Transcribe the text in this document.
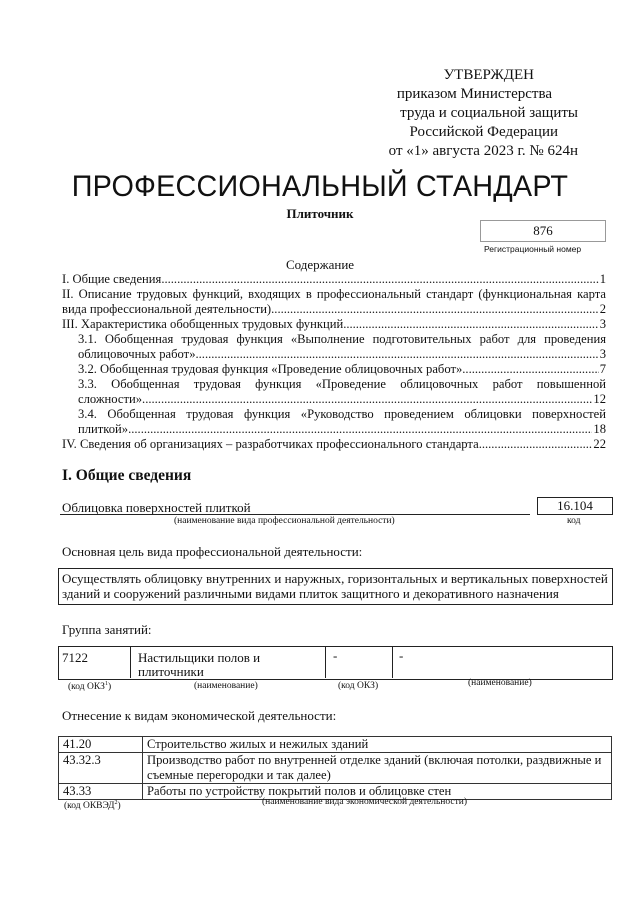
УТВЕРЖДЕН
приказом Министерства
труда и социальной защиты
Российской Федерации
от «1» августа 2023 г. № 624н
ПРОФЕССИОНАЛЬНЫЙ СТАНДАРТ
Плиточник
876
Регистрационный номер
Содержание
I. Общие сведения .....	1
II. Описание трудовых функций, входящих в профессиональный стандарт (функциональная карта
вида профессиональной деятельности) .....	2
III. Характеристика обобщенных трудовых функций .....	3
3.1. Обобщенная трудовая функция «Выполнение подготовительных работ для проведения
облицовочных работ» .....	3
3.2. Обобщенная трудовая функция «Проведение облицовочных работ» .....	7
3.3. Обобщенная трудовая функция «Проведение облицовочных работ повышенной
сложности» .....	12
3.4. Обобщенная трудовая функция «Руководство проведением облицовки поверхностей
плиткой» .....	18
IV. Сведения об организациях – разработчиках профессионального стандарта .....	22
I. Общие сведения
Облицовка поверхностей плиткой
(наименование вида профессиональной деятельности)
16.104
код
Основная цель вида профессиональной деятельности:
Осуществлять облицовку внутренних и наружных, горизонтальных и вертикальных поверхностей
зданий и сооружений различными видами плиток защитного и декоративного назначения
Группа занятий:
7122	Настильщики полов и
плиточники
-	-
(код ОКЗ$^1$)	(наименование)	(код ОКЗ)	(наименование)
Отнесение к видам экономической деятельности:
41.20	Строительство жилых и нежилых зданий
43.32.3	Производство работ по внутренней отделке зданий (включая потолки, раздвижные и съемные перегородки и так далее)
43.33	Работы по устройству покрытий полов и облицовке стен
(код ОКВЭД$^2$)	(наименование вида экономической деятельности)
